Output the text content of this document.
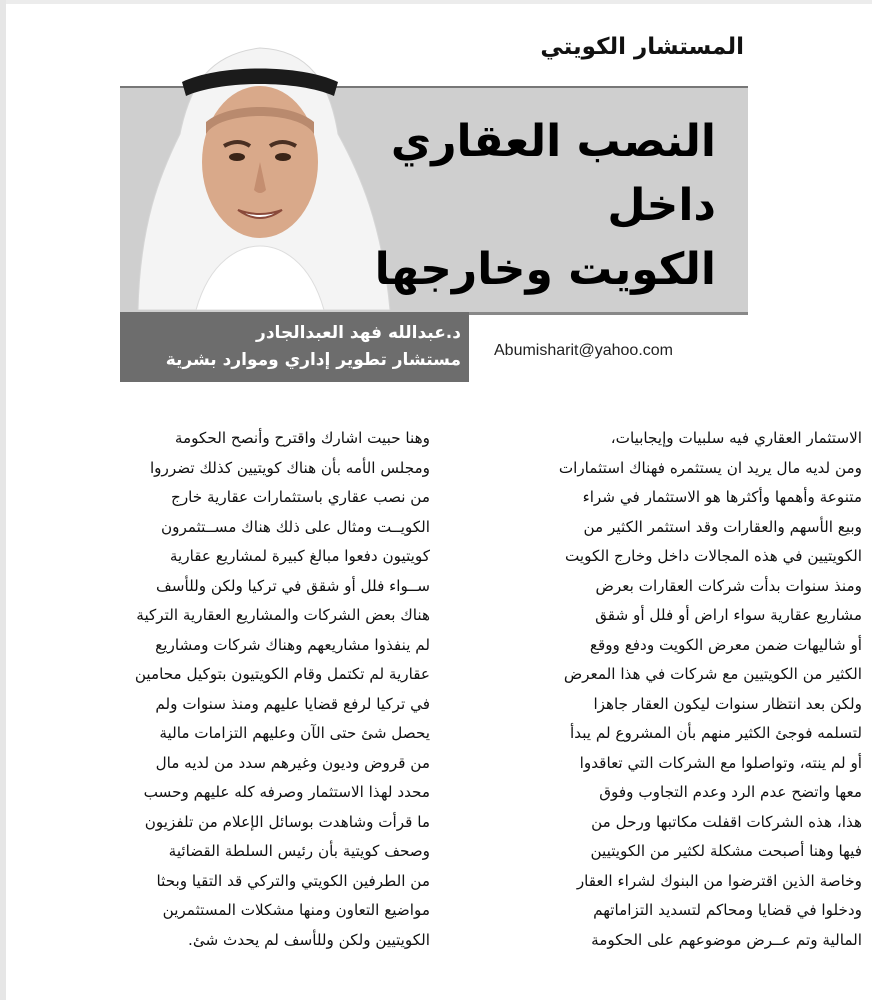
المستشار الكويتي
النصب العقاري داخل
الكويت وخارجها
د.عبدالله فهد العبدالجادر
مستشار تطوير إداري وموارد بشرية Abumisharit@yahoo.com
الاستثمار العقاري فيه سلبيات وإيجابيات،
ومن لديه مال يريد ان يستثمره فهناك استثمارات
متنوعة وأهمها وأكثرها هو الاستثمار في شراء
وبيع الأسهم والعقارات وقد استثمر الكثير من
الكويتيين في هذه المجالات داخل وخارج الكويت
ومنذ سنوات بدأت شركات العقارات بعرض
مشاريع عقارية سواء اراض أو فلل أو شقق
أو شاليهات ضمن معرض الكويت ودفع ووقع
الكثير من الكويتيين مع شركات في هذا المعرض
ولكن بعد انتظار سنوات ليكون العقار جاهزا
لتسلمه فوجئ الكثير منهم بأن المشروع لم يبدأ
أو لم ينته، وتواصلوا مع الشركات التي تعاقدوا
معها واتضح عدم الرد وعدم التجاوب وفوق
هذا، هذه الشركات اقفلت مكاتبها ورحل من
فيها وهنا أصبحت مشكلة لكثير من الكويتيين
وخاصة الذين اقترضوا من البنوك لشراء العقار
ودخلوا في قضايا ومحاكم لتسديد التزاماتهم
المالية وتم عــرض موضوعهم على الحكومة
وهنا حبيت اشارك واقترح وأنصح الحكومة
ومجلس الأمه بأن هناك كويتيين كذلك تضرروا
من نصب عقاري باستثمارات عقارية خارج
الكويــت ومثال على ذلك هناك مســتثمرون
كويتيون دفعوا مبالغ كبيرة لمشاريع عقارية
ســواء فلل أو شقق في تركيا ولكن وللأسف
هناك بعض الشركات والمشاريع العقارية التركية
لم ينفذوا مشاريعهم وهناك شركات ومشاريع
عقارية لم تكتمل وقام الكويتيون بتوكيل محامين
في تركيا لرفع قضايا عليهم ومنذ سنوات ولم
يحصل شئ حتى الآن وعليهم التزامات مالية
من قروض وديون وغيرهم سدد من لديه مال
محدد لهذا الاستثمار وصرفه كله عليهم وحسب
ما قرأت وشاهدت بوسائل الإعلام من تلفزيون
وصحف كويتية بأن رئيس السلطة القضائية
من الطرفين الكويتي والتركي قد التقيا وبحثا
مواضيع التعاون ومنها مشكلات المستثمرين
الكويتيين ولكن وللأسف لم يحدث شئ.
